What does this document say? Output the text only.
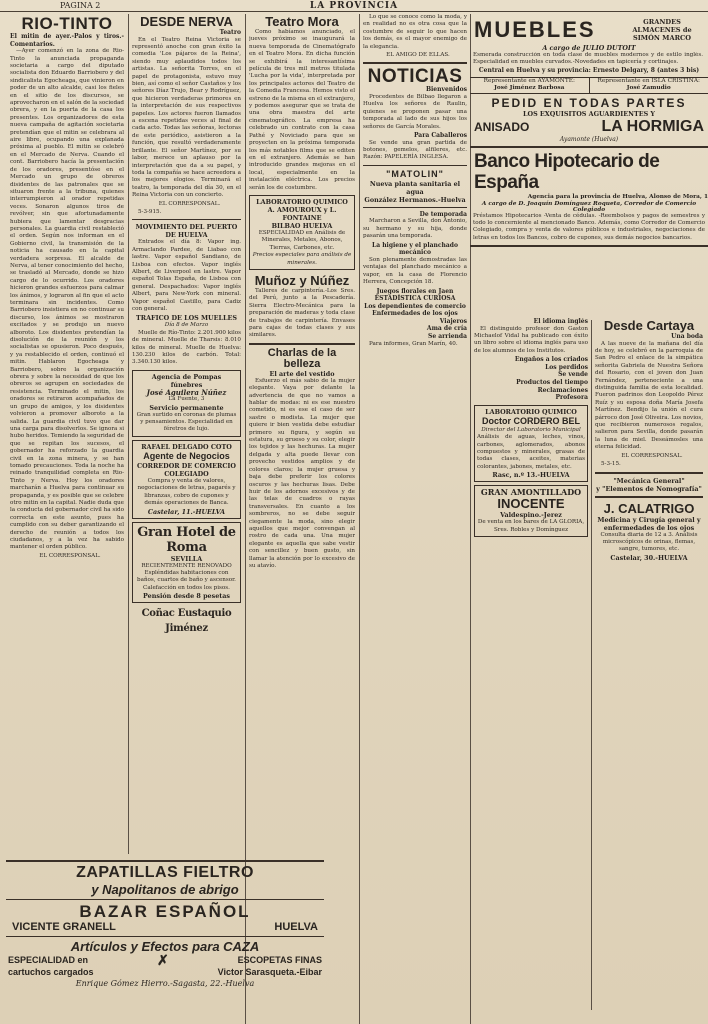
PAGINA 2	LA PROVINCIA
RIO-TINTO
El mitin de ayer.-Palos y tiros.-Comentarios.

—Ayer comenzó en la zona de Rio-Tinto la anunciada propaganda societaria a cargo del diputado socialista don Eduardo Barriobero y del sindicalista Egocheaga, que vinieron en poder de un alto alcalde, casi los fieles en el sitio de los discursos, se aprovecharon en el salón de la sociedad obrera, y en la puerta de la casa los presentes. Los organizadores de esta nueva campaña de agitación societaria pretendían que el mitin se celebrara al aire libre, ocupando una explanada próxima al pueblo. El mitin se celebró en el Mercado de Nerva. Cuando el cont. Barriobero hacía la presentación de los oradores, presentóse en el Mercado un grupo de obreros disidentes de las patronales que se situaron frente a la tribuna, quienes interrumpieron al orador repetidas veces. Sonaron algunos tiros de revólver, sin que afortunadamente hubiera que lamentar desgracias personales. La guardia civil restableció el orden. Según nos informan en el Gobierno civil, la transmisión de la noticia ha causado en la capital verdadera sorpresa. El alcalde de Nerva, al tener conocimiento del hecho, se trasladó al Mercado, donde se hizo cargo de lo ocurrido. Los oradores hicieron grandes esfuerzos para calmar los ánimos, y lograron al fin que el acto terminara sin incidentes. Como Barriobero insistiera en no continuar su discurso, los ánimos se mostraron excitados y se produjo un nuevo alboroto. Los disidentes pretendían la disolución de la reunión y los socialistas se opusieron. Poco después, y ya restablecido el orden, continuó el mitin. Hablaron Egocheaga y Barriobero, sobre la organización obrera y sobre la necesidad de que los obreros se agrupen en sociedades de resistencia. Terminado el mitin, los oradores se retiraron acompañados de un grupo de amigos, y los disidentes volvieron a promover alboroto a la salida. La guardia civil tuvo que dar una carga para disolverlos. Se ignora si hubo heridos. Temiendo la seguridad de que se repitan los sucesos, el gobernador ha reforzado la guardia civil en la zona minera, y se han tomado precauciones. Toda la noche ha reinado tranquilidad completa en Rio-Tinto y Nerva. Hoy los oradores marcharán a Huelva para continuar su propaganda, y es posible que se celebre otro mitin en la capital. Nadie duda que la conducta del gobernador civil ha sido correcta en este asunto, pues ha cumplido con su deber garantizando el derecho de reunión a todos los ciudadanos, y a la vez ha sabido mantener el orden público.

EL CORRESPONSAL.

DESDE NERVA
Teatro

En el Teatro Reina Victoria se representó anoche con gran éxito la comedia 'Los pájaros de la Reina', siendo muy aplaudidos todos los artistas. La señorita Torres, en el papel de protagonista, estuvo muy bien, así como el señor Castaños y los señores Díaz Trujo, Bear y Rodríguez, que hicieron verdaderas primores en la interpretación de sus respectivos papeles. Los actores fueron llamados a escena repetidas veces al final de cada acto. Todas las señoras, lectoras de este periódico, asistieron a la función, que resultó verdaderamente brillante. El señor Martínez, por su labor, merece un aplauso por la interpretación que da a su papel, y toda la compañía se hace acreedora a los mejores elogios. Terminará el teatro, la temporada del día 30, en el Reina Victoria con un concierto.

EL CORRESPONSAL.

5-3-915.

MOVIMIENTO DEL PUERTO DE HUELVA

Entrados el día 8: Vapor ing. Armaclando Pardee, de Liabao con lastre. Vapor español Sandiano, de Lisboa con efectos. Vapor inglés Albert, de Liverpool en lastre. Vapor español Tolas España, de Lisboa con general. Despachados: Vapor inglés Albert, para New-York con mineral. Vapor español Castillo, para Cadiz con general.

TRAFICO DE LOS MUELLES
Día 8 de Marzo

Muelle de Río-Tinto: 2.201.900 kilos de mineral. Muelle de Tharsis: 8.010 kilos de mineral. Muelle de Huelva: 130.230 kilos de carbón. Total: 3.340.130 kilos.

Agencia de Pompas fúnebres
José Aguilera Núñez
La Fuente, 3
Servicio permanente
Gran surtido en coronas de plumas y pensamientos. Especialidad en féretros de lujo.
RAFAEL DELGADO COTO
Agente de Negocios
CORREDOR DE COMERCIO COLEGIADO
Compra y venta de valores, negociaciones de letras, pagarés y libranzas, cobro de cupones y demás operaciones de Banca.
Castelar, 11.-HUELVA
Gran Hotel de Roma
SEVILLA
RECIENTEMENTE RENOVADO
Espléndidas habitaciones con baños, cuartos de baño y ascensor. Calefacción en todos los pisos.
Pensión desde 8 pesetas
Coñac Eustaquio Jiménez
Teatro Mora

Como habíamos anunciado, el jueves próximo se inaugurará la nueva temporada de Cinematógrafo en el Teatro Mora. En dicha función se exhibirá la interesantísima película de tres mil metros titulada 'Lucha por la vida', interpretada por los principales actores del Teatro de la Comedia Francesa. Hemos visto el estreno de la misma en el extranjero, y podemos asegurar que se trata de una obra maestra del arte cinematográfico. La empresa ha celebrado un contrato con la casa Pathé y Noviciado para que se proyecten en la próxima temporada los más notables films que se editen en el extranjero. Además se han introducido grandes mejoras en el local, especialmente en la instalación eléctrica. Los precios serán los de costumbre.

LABORATORIO QUIMICO
A. AMOUROUX y L. FONTAINE
BILBAO HUELVA
ESPECIALIDAD en Análisis de Minerales, Metales, Abonos, Tierras, Carbones, etc.
Precios especiales para análisis de minerales.
Muñoz y Núñez

Talleres de carpintería.-Los Sres. del Perú, junto a la Pescadería. Sierra Electro-Mecánica para la preparación de maderas y toda clase de trabajos de carpintería. Envases para cajas de todas clases y sus similares.

Charlas de la belleza
El arte del vestido

Esfuerzo el más sabio de la mujer elegante. Vaya por delante la advertencia de que no vamos a hablar de modas: ni es ese nuestro cometido, ni es ese el caso de ser sastre o modista. La mujer que quiere ir bien vestida debe estudiar primero su figura, y según su estatura, su grueso y su color, elegir los tejidos y las hechuras. La mujer delgada y alta puede llevar con provecho vestidos amplios y de colores claros; la mujer gruesa y baja debe preferir los colores oscuros y las hechuras lisas. Debe huir de los adornos excesivos y de las telas de cuadros o rayas transversales. En cuanto a los sombreros, no se debe seguir ciegamente la moda, sino elegir aquellos que mejor convengan al rostro de cada una. Una mujer elegante es aquella que sabe vestir con sencillez y buen gusto, sin llamar la atención por lo excesivo de su atavío.

Lo que se conoce como la moda, y en realidad no es otra cosa que la costumbre de seguir lo que hacen los demás, es el mayor enemigo de la elegancia.

EL AMIGO DE ELLAS.

NOTICIAS
Bienvenidos

Procedentes de Bilbao llegaron a Huelva los señores de Raulin, quienes se proponen pasar una temporada al lado de sus hijos los señores de García Morales.

Para Caballeros

Se vende una gran partida de botones, gemelos, alfileres, etc. Razón: PAPELERÍA INGLESA.

"MATOLIN"
Nueva planta sanitaria el agua
González Hermanos.-Huelva
De temporada

Marcharon a Sevilla, don Antonio, su hermano y su hija, donde pasarán una temporada.

La higiene y el planchado mecánico

Son plenamente demostradas las ventajas del planchado mecánico a vapor, en la casa de Florencio Herrera, Concepción 18.

Juegos florales en Jaen
ESTADÍSTICA CURIOSA
Los dependientes de comercio
Enfermedades de los ojos
Viajeros
Ama de cría
Se arrienda

Para informes, Gran Marín, 40.

MUEBLES	GRANDES ALMACENES de SIMÓN MARCO
A cargo de JULIO DUTOIT
Esmerada construcción en toda clase de muebles modernos y de estilo inglés. Especialidad en muebles curvados.-Novedades en tapicería y cortinajes.
Central en Huelva y su provincia: Ernesto Delgary, 8 (antes 3 bis)
Representante en AYAMONTE:
José Jiménez Barbosa
Representante en ISLA CRISTINA:
José Zamudio
PEDID EN TODAS PARTES
LOS EXQUISITOS AGUARDIENTES Y
ANISADO	LA HORMIGA
Ayamonte (Huelva)
Banco Hipotecario de España
Agencia para la provincia de Huelva, Alonso de Mora, 1
A cargo de D. Joaquín Domínguez Roqueta, Corredor de Comercio Colegiado
Préstamos Hipotecarios -Venta de cédulas. -Reembolsos y pagos de semestres y todo lo concerniente al mencionado Banco. Además, como Corredor de Comercio Colegiado, compra y venta de valores públicos e industriales, negociaciones de letras en todos los Bancos, cobro de cupones, sus demás negocios bancarios.
El idioma inglés

El distinguido profesor don Gaston Michaelof Vidal ha publicado con éxito un libro sobre el idioma inglés para uso de los alumnos de los Institutos.

Engaños a los criados
Los perdidos
Se vende
Productos del tiempo
Reclamaciones
Profesora
LABORATORIO QUIMICO
Doctor CORDERO BEL
Director del Laboratorio Municipal
Análisis de aguas, leches, vinos, carbones, aglomerados, abonos compuestos y minerales, grasas de todas clases, aceites, materias colorantes, jabones, metales, etc.
Rasc, n.º 13.-HUELVA
GRAN AMONTILLADO
INOCENTE
Valdespino.-Jerez
De venta en los bares de LA GLORIA, Sres. Robles y Domínguez
Desde Cartaya
Una boda

A las nueve de la mañana del día de hoy, se celebró en la parroquia de San Pedro el enlace de la simpática señorita Gabriela de Nuestra Señora del Rosario, con el joven don Juan Fernández, perteneciente a una distinguida familia de esta localidad. Fueron padrinos don Leopoldo Pérez Ruíz y su esposa doña María Josefa Martínez. Bendijo la unión el cura párroco don José Oliveira. Los novios, que recibieron numerosos regalos, salieron para Sevilla, donde pasarán la luna de miel. Deseámosles una eterna felicidad.

EL CORRESPONSAL.

5-3-15.

"Mecánica General"
y "Elementos de Nomografía"
J. CALATRIGO
Medicina y Cirugía general y enfermedades de los ojos
Consulta diaria de 12 a 3. Análisis microscópicos de orinas, flemas, sangre, tumores, etc.
Castelar, 30.-HUELVA
ZAPATILLAS FIELTRO
y Napolitanos de abrigo
BAZAR ESPAÑOL
VICENTE GRANELL	HUELVA
Artículos y Efectos para CAZA
ESPECIALIDAD en	✗	ESCOPETAS FINAS
cartuchos cargados	Victor Sarasqueta.-Eibar
Enrique Gómez Hierro.-Sagasta, 22.-Huelva
